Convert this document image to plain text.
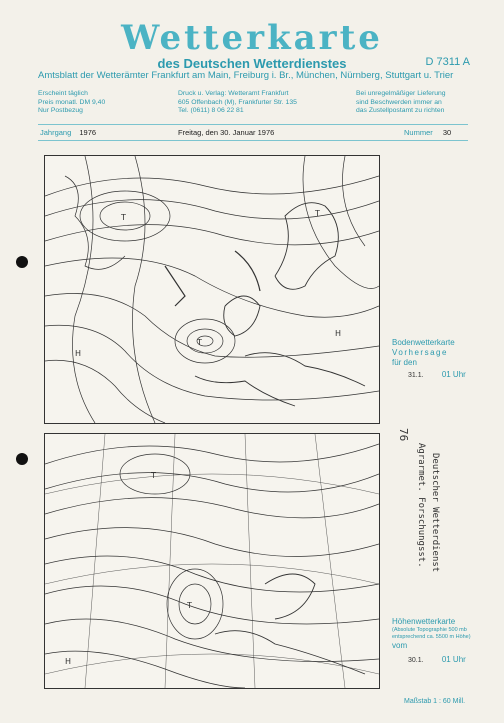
Wetterkarte
des Deutschen Wetterdienstes	D 7311 A
Amtsblatt der Wetterämter Frankfurt am Main, Freiburg i. Br., München, Nürnberg, Stuttgart u. Trier
Erscheint täglich
Preis monatl. DM 9,40
Nur Postbezug
Druck u. Verlag: Wetteramt Frankfurt
605 Offenbach (M), Frankfurter Str. 135
Tel. (0611) 8 06 22 81
Bei unregelmäßiger Lieferung
sind Beschwerden immer an
das Zustellpostamt zu richten
Jahrgang 1976	Freitag, den 30. Januar 1976	Nummer 30
T
T
H
H
T
Bodenwetterkarte
Vorhersage
für den
31.1. 01 Uhr
T
T
H
Höhenwetterkarte
(Absolute Topographie 500 mb
entsprechend ca. 5500 m Höhe)
vom
30.1. 01 Uhr
Maßstab 1 : 60 Mill.
76
Deutscher Wetterdienst
Agrarmet. Forschungsst.
